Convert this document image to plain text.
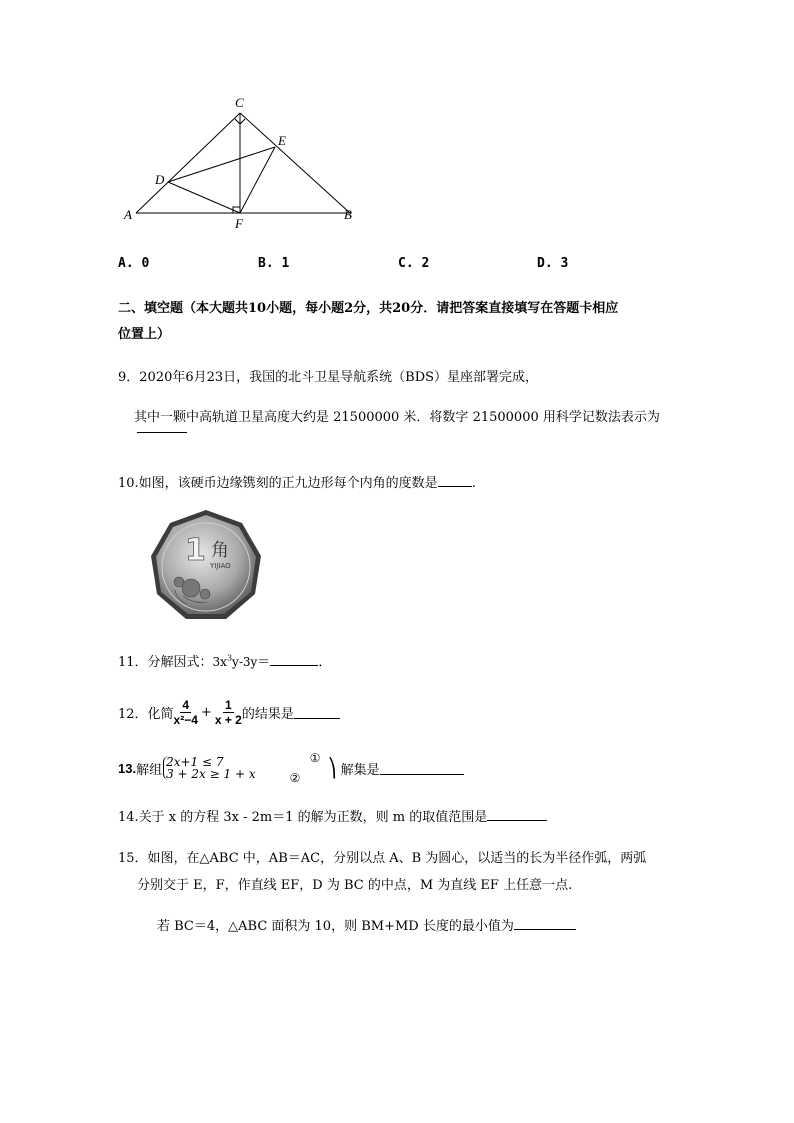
C
E
D
A
F
B
A. 0	B. 1	C. 2	D. 3
二、填空题（本大题共10小题，每小题2分，共20分．请把答案直接填写在答题卡相应
位置上）
9．2020年6月23日，我国的北斗卫星导航系统（BDS）星座部署完成，
其中一颗中高轨道卫星高度大约是 21500000 米．将数字 21500000 用科学记数法表示为
10.如图，该硬币边缘镌刻的正九边形每个内角的度数是	.
1 角
YIJIAO
11．分解因式：$3x^3y-3y=$	．
12．化简 $\frac{4}{\text{x²−4}} + \frac{1}{x + 2}$ 的结果是
13. 解组
2x+1 ≤ 7
3 + 2x ≥ 1 + x	②
① ⎞ 解集是
14.关于 x 的方程 3x - 2m＝1 的解为正数，则 m 的取值范围是
15．如图，在△ABC 中，AB＝AC，分别以点 A、B 为圆心，以适当的长为半径作弧，两弧
分别交于 E，F，作直线 EF，D 为 BC 的中点，M 为直线 EF 上任意一点.
若 BC＝4，△ABC 面积为 10，则 BM+MD 长度的最小值为
